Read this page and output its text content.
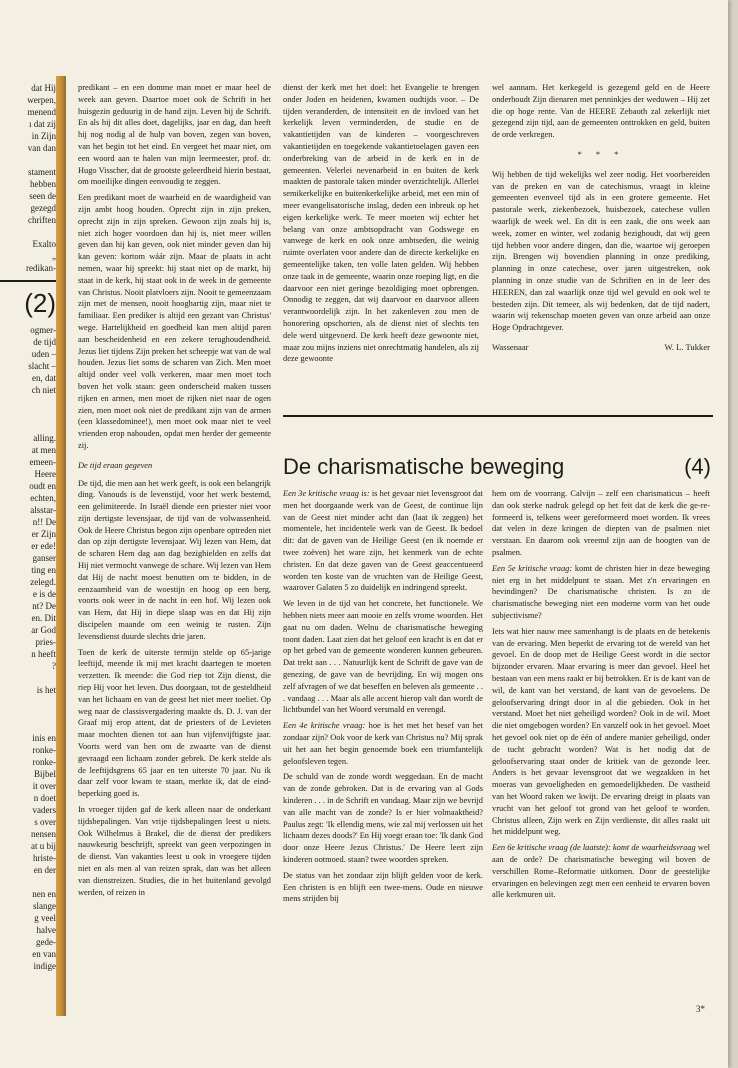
dat Hij
werpen,
menend
ı dat zij
in Zijn
van dan
stament
hebben
seen de
gezegd
chriften
Exalto
„
redikan-
(2)
ogmer-
de tijd
uden –
slacht –
en, dat
ch niet
alling.
at men
emeen-
Heere
oudt en
echten,
alsstar-
n!! De
er Zijn
er ede!
ganser
ting en
zelegd.
e is de
nt? De
en. Dit
ar God
pries-
n heeft
?
is het
inis en
ronke-
ronke-
Bijbel
it over
n doet
vaders
s over
nensen
at u bij
hriste-
en der
nen en
slange
g veel
halve
gede-
en van
indige

predikant – en een domme man moet er maar heel de week aan geven. Daartoe moet ook de Schrift in het huisgezin geduurig in de hand zijn. Leven bij de Schrift. En als hij dit alles doet, dagelijks, jaar en dag, dan heeft hij nog nodig al de hulp van boven, zegen van boven, van het begin tot het eind. En vergeet het maar niet, om een woord aan te halen van mijn leermeester, prof. dr. Hugo Visscher, dat de grootste geleerdheid hierin bestaat, om moeilijke dingen eenvoudig te zeggen.

Een predikant moet de waarheid en de waardigheid van zijn ambt hoog houden. Oprecht zijn in zijn preken, oprecht zijn in zijn spreken. Gewoon zijn zoals hij is, niet zich hoger voordoen dan hij is, niet meer willen geven dan hij kan geven, ook niet minder geven dan hij kan geven: kortom wáár zijn. Maar de plaats in acht nemen, waar hij spreekt: hij staat niet op de markt, hij staat in de kerk, hij staat ook in de week in de gemeente van Christus. Nooit platvloers zijn. Nooit te gemeenzaam zijn met de mensen, nooit hooghartig zijn, maar niet te familiaar. Een prediker is altijd een gezant van Christus' wege. Hartelijkheid en goedheid kan men altijd paren aan bescheidenheid en een zekere terughoudendheid. Jezus liet tijdens Zijn preken het scheepje wat van de wal houden. Jezus liet soms de scharen van Zich. Men moet altijd onder veel volk verkeren, maar men moet toch boven het volk staan: geen onderscheid maken tussen rijken en armen, men moet de rijken niet naar de ogen zien, men moet ook niet de predikant zijn van de armen (een klassedominee!), men moet ook maar niet te veel vrienden erop nahouden, opdat men herder der gemeente zij.

De tijd eraan gegeven

De tijd, die men aan het werk geeft, is ook een belangrijk ding. Vanouds is de levenstijd, voor het werk bestemd, een gelimiteerde. In Israël diende een priester niet voor zijn dertigste levensjaar, de tijd van de volwassenheid. Ook de Heere Christus begon zijn openbare optreden niet dan op zijn dertigste levensjaar. Wij lezen van Hem, dat de scharen Hem dag aan dag bezighielden en zelfs dat Hij niet vermocht vanwege de schare. Wij lezen van Hem dat Hij de nacht moest benutten om te bidden, in de eenzaamheid van de woestijn en hoog op een berg, voorts ook weer in de nacht in een hof. Wij lezen ook van Hem, dat Hij in diepe slaap was en dat Hij zijn discipelen maande om een weinig te rusten. Zijn levensdienst duurde slechts drie jaren.

Toen de kerk de uiterste termijn stelde op 65-jarige leeftijd, meende ik mij met kracht daartegen te moeten verzetten. Ik meende: die God riep tot Zijn dienst, die riep Hij voor het leven. Dus doorgaan, tot de gesteldheid van het lichaam en van de geest het niet meer toeliet. Op weg naar de classisvergadering maakte ds. D. J. van der Graaf mij erop attent, dat de priesters of de Levieten maar mochten dienen tot aan hun vijfenvijftigste jaar. Voorts werd van hen om de zwaarte van de dienst gevraagd een lichaam zonder gebrek. De kerk stelde als de leeftijdsgrens 65 jaar en ten uiterste 70 jaar. Nu ik daar zelf voor kwam te staan, merkte ik, dat de eind-beperking goed is.

In vroeger tijden gaf de kerk alleen naar de onderkant tijdsbepalingen. Van vrije tijdsbepalingen leest u niets. Ook Wilhelmus à Brakel, die de dienst der predikers nauwkeurig beschrijft, spreekt van geen verpozingen in de dienst. Van vakanties leest u ook in vroegere tijden niet en als men al van reizen sprak, dan was het alleen van dienstreizen. Studies, die in het buitenland gevolgd werden, of reizen in

dienst der kerk met het doel: het Evangelie te brengen onder Joden en heidenen, kwamen oudtijds voor. – De tijden veranderden, de intensiteit en de invloed van het kerkelijk leven verminderden, de studie en de vakantietijden van de kinderen – voorgeschreven vakantietijden en toegekende vakantietoelagen gaven een onderbreking van de arbeid in de kerk en in de gemeenten. Velerlei nevenarbeid in en buiten de kerk maakten de pastorale taken minder overzichtelijk. Allerlei semikerkelijke en buitenkerkelijke arbeid, met een min of meer evangelisatorische inslag, deden een inbreuk op het eigen kerkelijke werk. Te meer moeten wij echter het belang van onze ambtsopdracht van Godswege en vanwege de kerk en ook onze ambtseden, die weinig ruimte overlaten voor andere dan de directe kerkelijke en gemeentelijke taken, ten volle laten gelden. Wij hebben onze taak in de gemeente, waarin onze roeping ligt, en die daarvoor een niet geringe bezoldiging moet opbrengen. Onnodig te zeggen, dat wij daarvoor en daarvoor alleen verantwoordelijk zijn. In het zakenleven zou men de honorering opschorten, als de dienst niet of slechts ten dele werd uitgevoerd. De kerk heeft deze gewoonte niet, maar zou mijns inziens niet onrechtmatig handelen, als zij deze gewoonte

wel aannam. Het kerkegeld is gezegend geld en de Heere onderhoudt Zijn dienaren met penninkjes der weduwen – Hij zet die op hoge rente. Van de HEERE Zebaoth zal zekerlijk niet gezegend zijn tijd, aan de gemeenten onttrokken en geld, buiten de orde verkregen.

* * *

Wij hebben de tijd wekelijks wel zeer nodig. Het voorbereiden van de preken en van de catechismus, vraagt in kleine gemeenten evenveel tijd als in een grotere gemeente. Het pastorale werk, ziekenbezoek, huisbezoek, catechese vullen waarlijk de week wel. En dit is een zaak, die ons week aan week, zomer en winter, wel zodanig bezighoudt, dat wij geen tijd hebben voor andere dingen, dan die, waartoe wij geroepen zijn. Brengen wij bovendien planning in onze prediking, planning in onze catechese, over jaren uitgestreken, ook planning in onze studie van de Schriften en in de leer des HEEREN, dan zal waarlijk onze tijd wel gevuld en ook wel te besteden zijn. Dit temeer, als wij bedenken, dat de tijd nadert, waarin wij rekenschap moeten geven van onze arbeid aan onze Hoge Opdrachtgever.

Wassenaar	W. L. Tukker
De charismatische beweging	(4)

Een 3e kritische vraag is: is het gevaar niet levensgroot dat men het doorgaande werk van de Geest, de continue lijn van de Geest niet minder acht dan (laat ik zeggen) het momentele, het incidentele werk van de Geest. Ik bedoel dit: dat de gaven van de Heilige Geest (en ik noemde er twee zoëven) het ware zijn, het kenmerk van de echte christen. En dat deze gaven van de Geest geaccentueerd worden ten koste van de vruchten van de Heilige Geest, waarover Galaten 5 zo duidelijk en indringend spreekt.

We leven in de tijd van het concrete, het functionele. We hebben niets meer aan mooie en zelfs vrome woorden. Het gaat nu om daden. Welnu de charismatische beweging toont daden. Laat zien dat het geloof een kracht is en dat er op het gebed van de gemeente wonderen kunnen gebeuren. Dat trekt aan . . . Natuurlijk kent de Schrift de gave van de genezing, de gave van de bevrijding. En wij mogen ons zelf afvragen of we dat beseffen en beleven als gemeente . . . vandaag . . . Maar als alle accent hierop valt dan wordt de lichtbundel van het Woord versmald en verengd.

Een 4e kritische vraag: hoe is het met het besef van het zondaar zijn? Ook voor de kerk van Christus nu? Mij sprak uit het aan het begin genoemde boek een triumfantelijk geloofsleven tegen.

De schuld van de zonde wordt weggedaan. En de macht van de zonde gebroken. Dat is de ervaring van al Gods kinderen . . . in de Schrift en vandaag. Maar zijn we bevrijd van alle macht van de zonde? Is er hier volmaaktheid? Paulus zegt: 'Ik ellendig mens, wie zal mij verlossen uit het lichaam dezes doods?' En Hij voegt eraan toe: 'Ik dank God door onze Heere Jezus Christus.' De Heere leert zijn kinderen ootmoed. staan? twee woorden spreken.

De status van het zondaar zijn blijft gelden voor de kerk. Een christen is en blijft een twee-mens. Oude en nieuwe mens strijden bij

hem om de voorrang. Calvijn – zelf een charismaticus – heeft dan ook sterke nadruk gelegd op het feit dat de kerk die ge-re-formeerd is, telkens weer gereformeerd moet worden. Ik vrees dat velen in deze kringen de diepten van de psalmen niet verstaan. En daarom ook vreemd zijn aan de hoogten van de psalmen.

Een 5e kritische vraag: komt de christen hier in deze beweging niet erg in het middelpunt te staan. Met z'n ervaringen en bevindingen? De charismatische christen. Is zo de charismatische beweging niet een moderne vorm van het oude subjectivisme?

Iets wat hier nauw mee samenhangt is de plaats en de betekenis van de ervaring. Men beperkt de ervaring tot de wereld van het gevoel. En de doop met de Heilige Geest wordt in die sector bijzonder ervaren. Maar ervaring is meer dan gevoel. Heel het bestaan van een mens raakt er bij betrokken. Er is de kant van de wil, de kant van het verstand, de kant van de gevoelens. De geloofservaring dringt door in al die gebieden. Ook in het verstand. Moet het niet geheiligd worden? Ook in de wil. Moet die niet omgebogen worden? En vanzelf ook in het gevoel. Moet het gevoel ook niet op de één of andere manier geheiligd, onder de tucht gebracht worden? Wat is het nodig dat de geloofservaring staat onder de kritiek van de gezonde leer. Anders is het gevaar levensgroot dat we wegzakken in het moeras van gevoeligheden en gemoedelijkheden. De vastheid van het Woord raken we kwijt. De ervaring dreigt in plaats van vrucht van het geloof tot grond van het geloof te worden. Christus alleen, Zijn werk en Zijn verdienste, dit alles raakt uit het middelpunt weg.

Een 6e kritische vraag (de laatste): komt de waarheidsvraag wel aan de orde? De charismatische beweging wil boven de verschillen Rome–Reformatie uitkomen. Door de geestelijke ervaringen en belevingen zegt men een eenheid te ervaren boven alle kerkmuren uit.

3*
